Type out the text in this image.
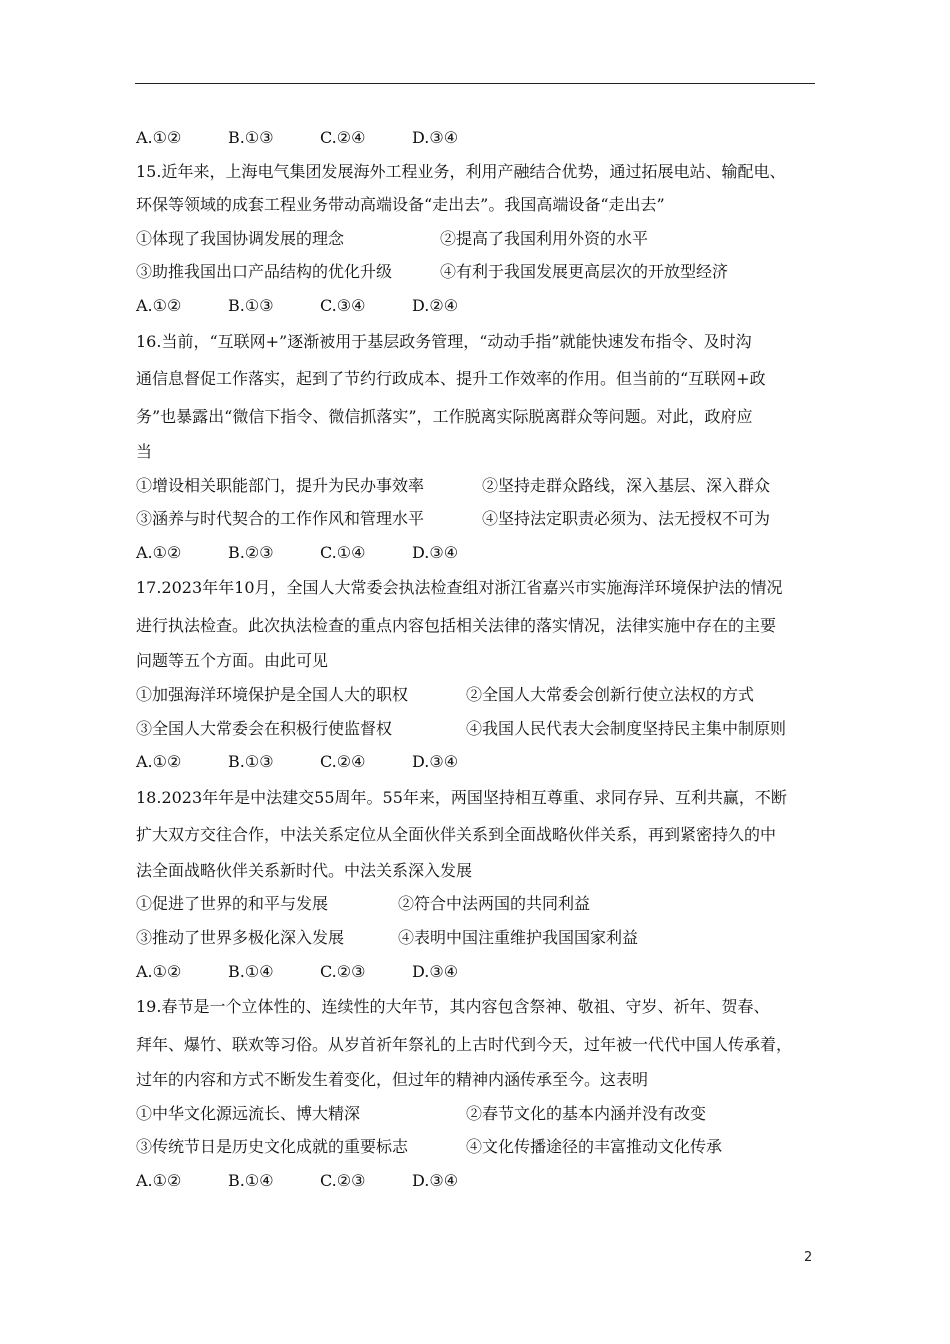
A.①②	B.①③	C.②④	D.③④
15.近年来，上海电气集团发展海外工程业务，利用产融结合优势，通过拓展电站、输配电、
环保等领域的成套工程业务带动高端设备“走出去”。我国高端设备“走出去”
①体现了我国协调发展的理念	②提高了我国利用外资的水平
③助推我国出口产品结构的优化升级	④有利于我国发展更高层次的开放型经济
A.①②	B.①③	C.③④	D.②④
16.当前，“互联网+”逐渐被用于基层政务管理，“动动手指”就能快速发布指令、及时沟
通信息督促工作落实，起到了节约行政成本、提升工作效率的作用。但当前的“互联网+政
务”也暴露出“微信下指令、微信抓落实”，工作脱离实际脱离群众等问题。对此，政府应
当
①增设相关职能部门，提升为民办事效率	②坚持走群众路线，深入基层、深入群众
③涵养与时代契合的工作作风和管理水平	④坚持法定职责必须为、法无授权不可为
A.①②	B.②③	C.①④	D.③④
17.2023年年10月，全国人大常委会执法检查组对浙江省嘉兴市实施海洋环境保护法的情况
进行执法检查。此次执法检查的重点内容包括相关法律的落实情况，法律实施中存在的主要
问题等五个方面。由此可见
①加强海洋环境保护是全国人大的职权	②全国人大常委会创新行使立法权的方式
③全国人大常委会在积极行使监督权	④我国人民代表大会制度坚持民主集中制原则
A.①②	B.①③	C.②④	D.③④
18.2023年年是中法建交55周年。55年来，两国坚持相互尊重、求同存异、互利共赢，不断
扩大双方交往合作，中法关系定位从全面伙伴关系到全面战略伙伴关系，再到紧密持久的中
法全面战略伙伴关系新时代。中法关系深入发展
①促进了世界的和平与发展	②符合中法两国的共同利益
③推动了世界多极化深入发展	④表明中国注重维护我国国家利益
A.①②	B.①④	C.②③	D.③④
19.春节是一个立体性的、连续性的大年节，其内容包含祭神、敬祖、守岁、祈年、贺春、
拜年、爆竹、联欢等习俗。从岁首祈年祭礼的上古时代到今天，过年被一代代中国人传承着，
过年的内容和方式不断发生着变化，但过年的精神内涵传承至今。这表明
①中华文化源远流长、博大精深	②春节文化的基本内涵并没有改变
③传统节日是历史文化成就的重要标志	④文化传播途径的丰富推动文化传承
A.①②	B.①④	C.②③	D.③④
2
